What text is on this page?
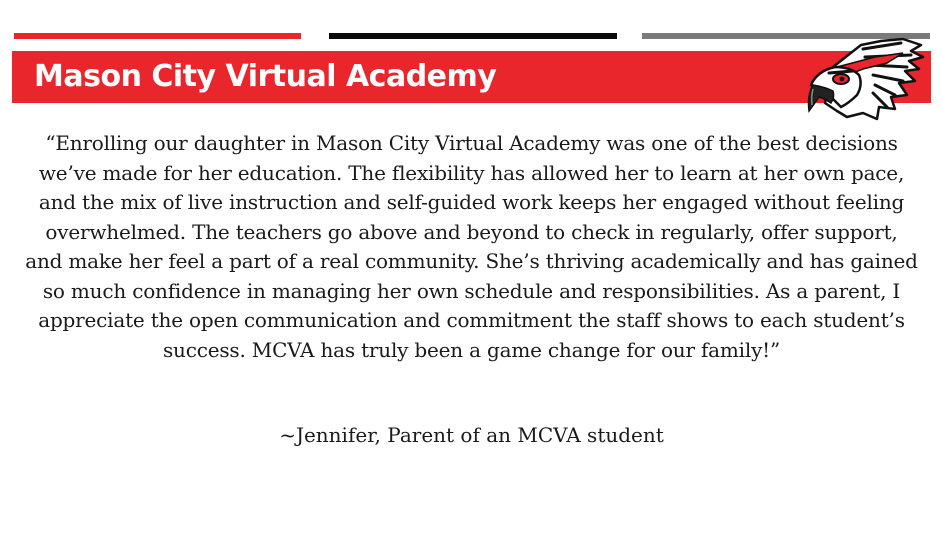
Mason City Virtual Academy
“Enrolling our daughter in Mason City Virtual Academy was one of the best decisions we’ve made for her education. The flexibility has allowed her to learn at her own pace, and the mix of live instruction and self-guided work keeps her engaged without feeling overwhelmed. The teachers go above and beyond to check in regularly, offer support, and make her feel a part of a real community. She’s thriving academically and has gained so much confidence in managing her own schedule and responsibilities. As a parent, I appreciate the open communication and commitment the staff shows to each student’s success. MCVA has truly been a game change for our family!”
~Jennifer, Parent of an MCVA student
